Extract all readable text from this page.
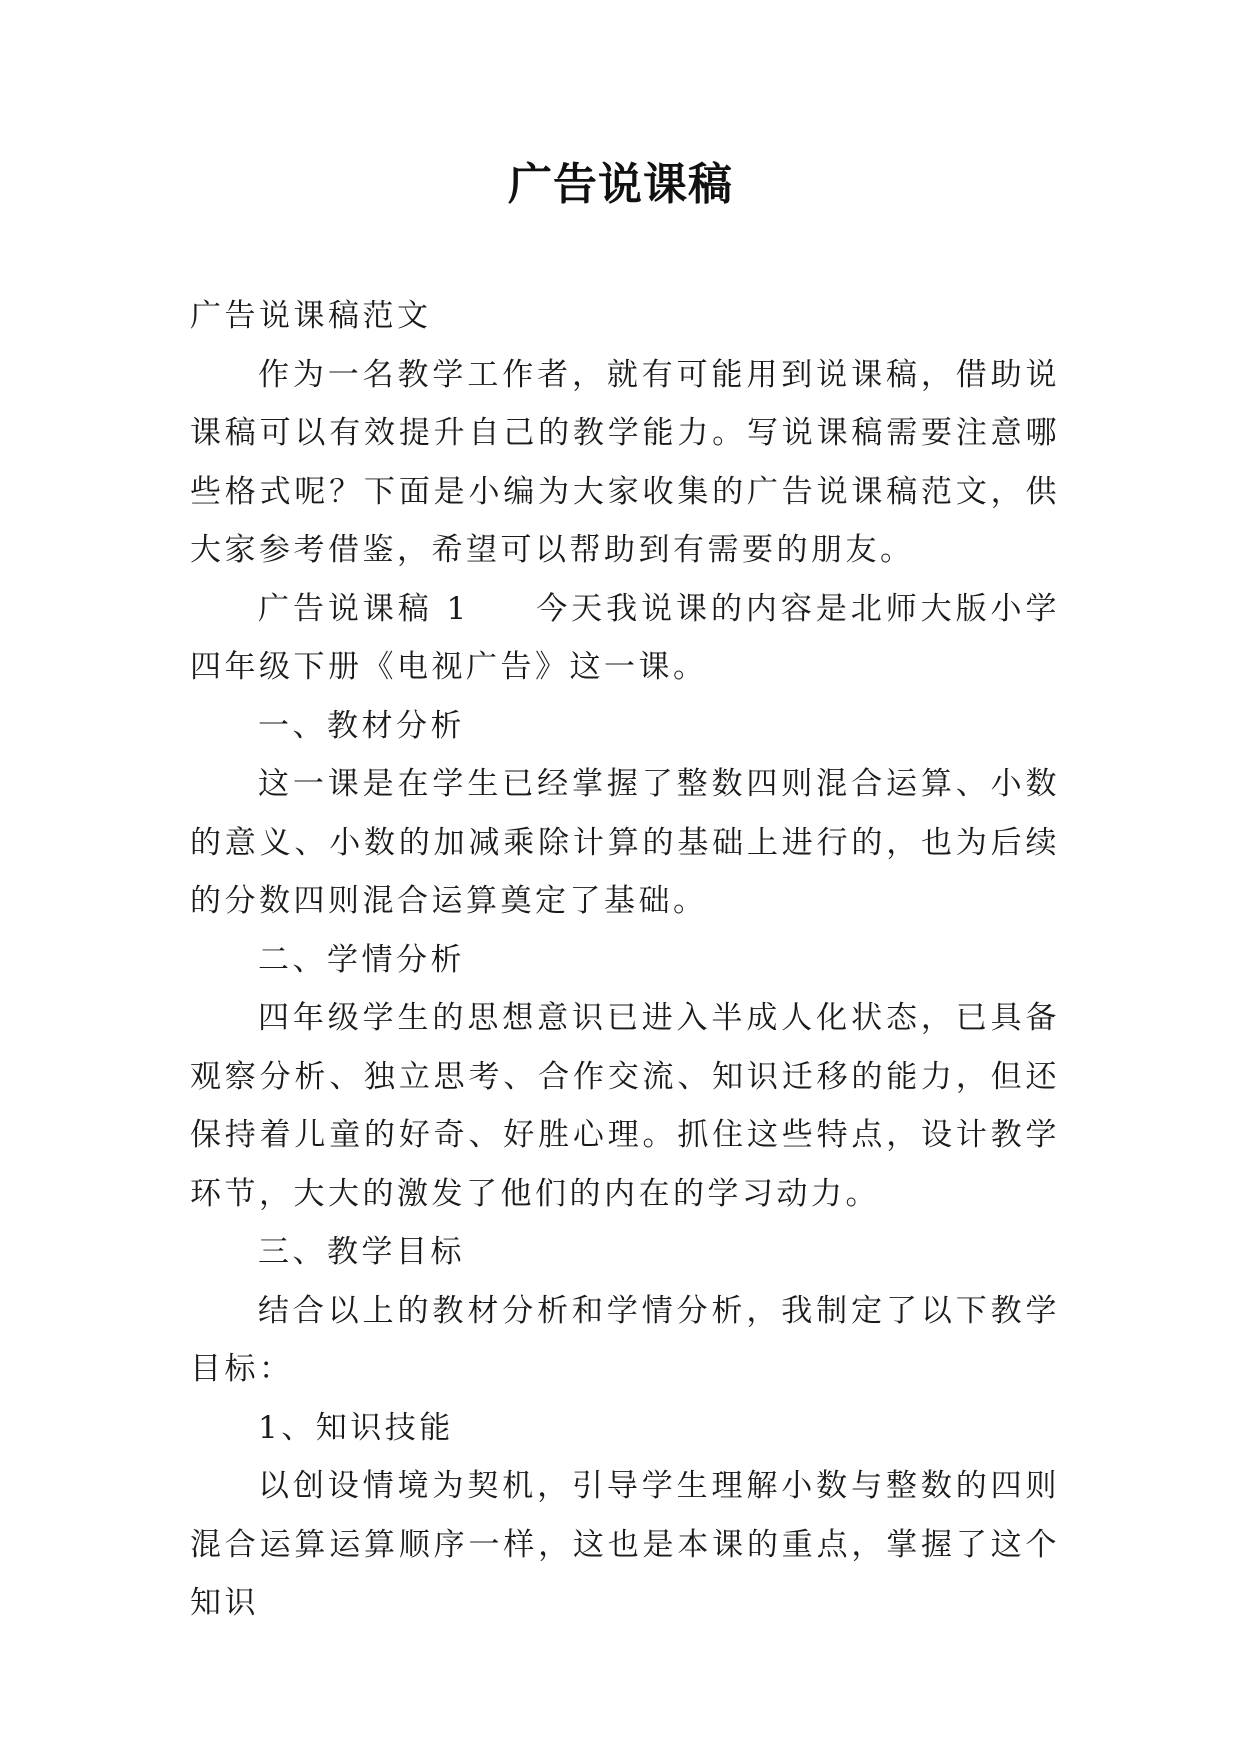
广告说课稿

广告说课稿范文

作为一名教学工作者，就有可能用到说课稿，借助说课稿可以有效提升自己的教学能力。写说课稿需要注意哪些格式呢？下面是小编为大家收集的广告说课稿范文，供大家参考借鉴，希望可以帮助到有需要的朋友。

广告说课稿 1 今天我说课的内容是北师大版小学四年级下册《电视广告》这一课。

一、教材分析

这一课是在学生已经掌握了整数四则混合运算、小数的意义、小数的加减乘除计算的基础上进行的，也为后续的分数四则混合运算奠定了基础。

二、学情分析

四年级学生的思想意识已进入半成人化状态，已具备观察分析、独立思考、合作交流、知识迁移的能力，但还保持着儿童的好奇、好胜心理。抓住这些特点，设计教学环节，大大的激发了他们的内在的学习动力。

三、教学目标

结合以上的教材分析和学情分析，我制定了以下教学目标：

1、知识技能

以创设情境为契机，引导学生理解小数与整数的四则混合运算运算顺序一样，这也是本课的重点，掌握了这个知识
